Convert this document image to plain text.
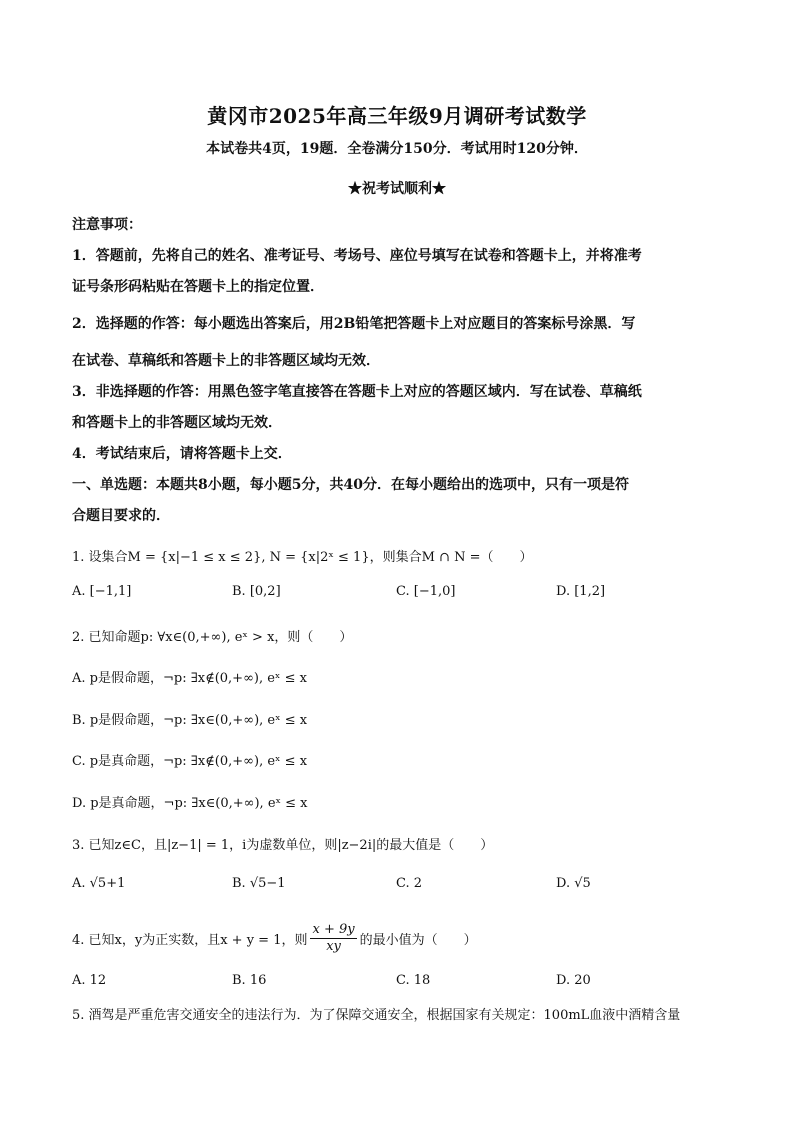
黄冈市2025年高三年级9月调研考试数学
本试卷共4页，19题．全卷满分150分．考试用时120分钟．
★祝考试顺利★
注意事项：
1．答题前，先将自己的姓名、准考证号、考场号、座位号填写在试卷和答题卡上，并将准考
证号条形码粘贴在答题卡上的指定位置．
2．选择题的作答：每小题选出答案后，用2B铅笔把答题卡上对应题目的答案标号涂黑．写
在试卷、草稿纸和答题卡上的非答题区域均无效．
3．非选择题的作答：用黑色签字笔直接答在答题卡上对应的答题区域内．写在试卷、草稿纸
和答题卡上的非答题区域均无效．
4．考试结束后，请将答题卡上交．
一、单选题：本题共8小题，每小题5分，共40分．在每小题给出的选项中，只有一项是符
合题目要求的．
1. 设集合M = {x|−1 ≤ x ≤ 2}, N = {x|2ˣ ≤ 1}，则集合M ∩ N =（　　）
A. [−1,1]	B. [0,2]	C. [−1,0]	D. [1,2]
2. 已知命题p: ∀x∈(0,+∞), eˣ > x，则（　　）
A. p是假命题，¬p: ∃x∉(0,+∞), eˣ ≤ x
B. p是假命题，¬p: ∃x∈(0,+∞), eˣ ≤ x
C. p是真命题，¬p: ∃x∉(0,+∞), eˣ ≤ x
D. p是真命题，¬p: ∃x∈(0,+∞), eˣ ≤ x
3. 已知z∈C，且|z−1| = 1，i为虚数单位，则|z−2i|的最大值是（　　）
A. √5+1	B. √5−1	C. 2	D. √5
4. 已知x，y为正实数，且x + y = 1，则
x + 9y
xy 的最小值为（　　）
A. 12	B. 16	C. 18	D. 20
5. 酒驾是严重危害交通安全的违法行为．为了保障交通安全，根据国家有关规定：100mL血液中酒精含量
